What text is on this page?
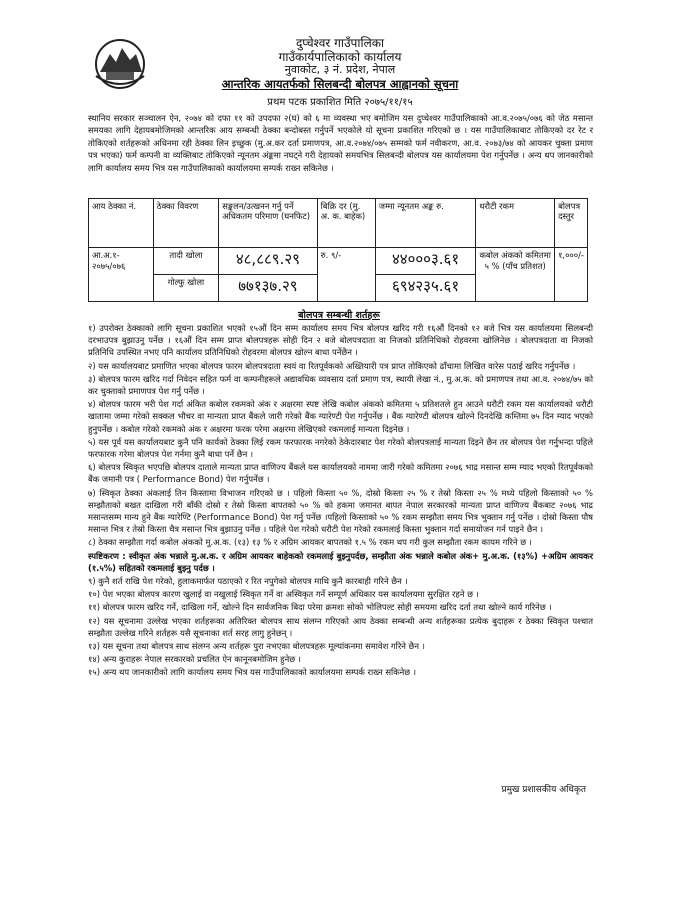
दुप्चेश्वर गाउँपालिका
गाउँकार्यपालिकाको कार्यालय
नुवाकोट, ३ नं. प्रदेश, नेपाल
आन्तरिक आयतर्फको सिलबन्दी बोलपत्र आह्वानको सूचना
प्रथम पटक प्रकाशित मिति २०७५/११/१५
स्थानिय सरकार सञ्चालन ऐन, २०७४ को दफा ११ को उपदफा २(घ) को ६ मा व्यवस्था भए बमोजिम यस दुप्चेश्वर गाउँपालिकाको आ.व.२०७५/०७६ को जेठ मसान्त समयका लागि देहायबमोजिमको आन्तरिक आय सम्बन्धी ठेक्का बन्दोबस्त गर्नुपर्ने भएकोले यो सूचना प्रकाशित गरिएको छ । यस गाउँपालिकाबाट तोकिएको दर रेट र तोकिएको शर्तहरूको अधिनमा रही ठेक्का लिन इच्छुक (मु.अ.कर दर्ता प्रमाणपत्र, आ.व.२०७४/०७५ सम्मको फर्म नवीकरण, आ.व. २०७३/७४ को आयकर चुक्ता प्रमाण पत्र भएका) फर्म कम्पनी वा व्यक्तिबाट तोकिएको न्यूनतम अंङ्कमा नघट्ने गरी देहायको समयभित्र सिलबन्दी बोलपत्र यस कार्यालयमा पेश गर्नुपर्नेछ । अन्य थप जानकारीको लागि कार्यालय समय भित्र यस गाउँपालिकाको कार्यालयमा सम्पर्क राख्न सकिनेछ ।
आय ठेक्का नं.	ठेक्का विवरण	सङ्कलन/उत्खनन गर्नु पर्ने अधिकतम परिमाण (घनफिट)	बिक्रि दर (मु. अ. क. बाहेक)	जम्मा न्यूनतम अङ्क रु.	धरौटी रकम	बोलपत्र दस्तुर
आ.अ.१- २०७५/०७६	तादी खोला	४८,८८९.२९	रु. ९/-	४४०००३.६१	कबोल अंकको कमितमा ५ % (पाँच प्रतिशत)	१,०००/-
	गोल्फु खोला	७७१३७.२९		६९४२३५.६१		
बोलपत्र सम्बन्धी शर्तहरू

१) उपरोक्त ठेक्काको लागि सूचना प्रकाशित भएको १५औं दिन सम्म कार्यालय समय भित्र बोलपत्र खरिद गरी १६औं दिनको १२ बजे भित्र यस कार्यालयमा सिलबन्दी दरभाउपत्र बुझाउनु पर्नेछ । १६औं दिन सम्म प्राप्त बोलपत्रहरू सोही दिन २ बजे बोलपत्रदाता वा निजको प्रतिनिधिको रोहवरमा खोलिनेछ । बोलपत्रदाता वा निजको प्रतिनिधि उपस्थित नभए पनि कार्यालय प्रतिनिधिको रोहवरमा बोलपत्र खोल्न बाधा पर्नेछैन ।

२) यस कार्यालयबाट प्रमाणित भएका बोलपत्र फारम बोलपत्रदाता स्वयं वा रितपूर्वकको अख्तियारी पत्र प्राप्त तोकिएको ढाँचामा लिखित वारेस पठाई खरिद गर्नुपर्नेछ ।

३) बोलपत्र फारम खरिद गर्दा निवेदन सहित फर्म वा कम्पनीहरूले अद्यावधिक व्यवसाय दर्ता प्रमाण पत्र, स्थायी लेखा नं., मु.अ.क. को प्रमाणपत्र तथा आ.व. २०७४/७५ को कर चुक्ताको प्रमाणपत्र पेश गर्नु पर्नेछ ।

४) बोलपत्र फारम भरी पेश गर्दा अंकित कबोल रकमको अंक र अक्षरमा स्पष्ट लेखि कबोल अंकको कमितमा ५ प्रतिशतले हुन आउने धरौटी रकम यस कार्यालयको धरौटी खातामा जम्मा गरेको सक्कल भौचर वा मान्यता प्राप्त बैंकले जारी गरेको बैंक ग्यारेण्टी पेश गर्नुपर्नेछ । बैंक ग्यारेण्टी बोलपत्र खोल्ने दिनदेखि कम्तिमा ७५ दिन म्याद भएको हुनुपर्नेछ । कबोल गरेको रकमको अंक र अक्षरमा फरक परेमा अक्षरमा लेखिएको रकमलाई मान्यता दिइनेछ ।

५) यस पूर्व यस कार्यालयबाट कुनै पनि कार्यको ठेक्का लिई रकम फरफारक नगरेको ठेकेदारबाट पेश गरेको बोलपत्रलाई मान्यता दिइने छैन तर बोलपत्र पेश गर्नुभन्दा पहिले फरफारक गरेमा बोलपत्र पेश गर्नमा कुनै बाधा पर्ने छैन ।

६) बोलपत्र स्विकृत भएपछि बोलपत्र दाताले मान्यता प्राप्त वाणिज्य बैंकले यस कार्यालयको नाममा जारी गरेको कमितमा २०७६ भाद्र मसान्त सम्म म्याद भएको रितपूर्वकको बैंक जमानी पत्र ( Performance Bond) पेश गर्नुपर्नेछ ।

७) स्विकृत ठेक्का अंकलाई तिन किस्तामा विभाजन गरिएको छ । पहिलो किस्ता ५० %, दोस्रो किस्ता २५ % र तेस्रो किस्ता २५ % मध्ये पहिलो किस्ताको ५० % सम्झौताको बखत दाखिला गरी बाँकी दोस्रो र तेस्रो किस्ता बापतको ५० % को हकमा जमानत बापत नेपाल सरकारको मान्यता प्राप्त वाणिज्य बैंकबाट २०७६ भाद्र मसान्तसम्म मान्य हुने बैंक ग्यारेण्टि (Performance Bond) पेश गर्नु पर्नेछ ।पहिलो किस्ताको ५० % रकम सम्झौता समय भित्र भुक्तान गर्नु पर्नेछ । दोस्रो किस्ता पौष मसान्त भित्र र तेस्रो किस्ता चैत्र मसान्त भित्र बुझाउनु पर्नेछ । पहिले पेश गरेको धरौटी पेश गरेको रकमलाई किस्ता भुक्तान गर्दा समायोजन गर्न पाइने छैन ।

८) ठेक्का सम्झौता गर्दा कबोल अंकको मु.अ.क. (१३) १३ % र अग्रिम आयकर बापतको १.५ % रकम थप गरी कुल सम्झौता रकम कायम गरिने छ ।

स्पष्टिकरण : स्वीकृत अंक भन्नाले मु.अ.क. र अग्रिम आयकर बाहेकको रकमलाई बुझ्नुपर्दछ, सम्झौता अंक भन्नाले कबोल अंक+ मु.अ.क. (१३%) +अग्रिम आयकर (१.५%) सहितको रकमलाई बुझ्नु पर्दछ ।

९) कुनै शर्त राखि पेश गरेको, हुलाकमार्फत पठाएको र रित नपुगेको बोलपत्र माथि कुनै कारबाही गरिने छैन ।

१०) पेश भएका बोलपत्र कारण खुलाई वा नखुलाई स्विकृत गर्ने वा अस्विकृत गर्ने सम्पूर्ण अधिकार यस कार्यालयमा सुरक्षित रहने छ ।

११) बोलपत्र फारम खरिद गर्ने, दाखिला गर्ने, खोल्ने दिन सार्वजनिक बिदा परेमा क्रमशः सोको भोलिपल्ट सोही समयमा खरिद दर्ता तथा खोल्ने कार्य गरिनेछ ।

१२) यस सूचनामा उल्लेख भएका शर्तहरूका अतिरिक्त बोलपत्र साथ संलग्न गरिएको आय ठेक्का सम्बन्धी अन्य शर्तहरूका प्रत्येक बुदाहरू र ठेक्का स्विकृत पश्चात सम्झौता उल्लेख गरिने शर्तहरू यसै सूचनाका शर्त सरह लागु हुनेछन् ।

१३) यस सूचना तथा बोलपत्र साथ संलग्न अन्य शर्तहरू पुरा नभएका बोलपत्रहरू मूल्यांकनमा समावेश गरिने छैन ।

१४) अन्य कुराहरू नेपाल सरकारको प्रचलित ऐन कानूनबमोजिम हुनेछ ।

१५) अन्य थप जानकारीको लागि कार्यालय समय भित्र यस गाउँपालिकाको कार्यालयमा सम्पर्क राख्न सकिनेछ ।

प्रमुख प्रशासकीय अधिकृत
